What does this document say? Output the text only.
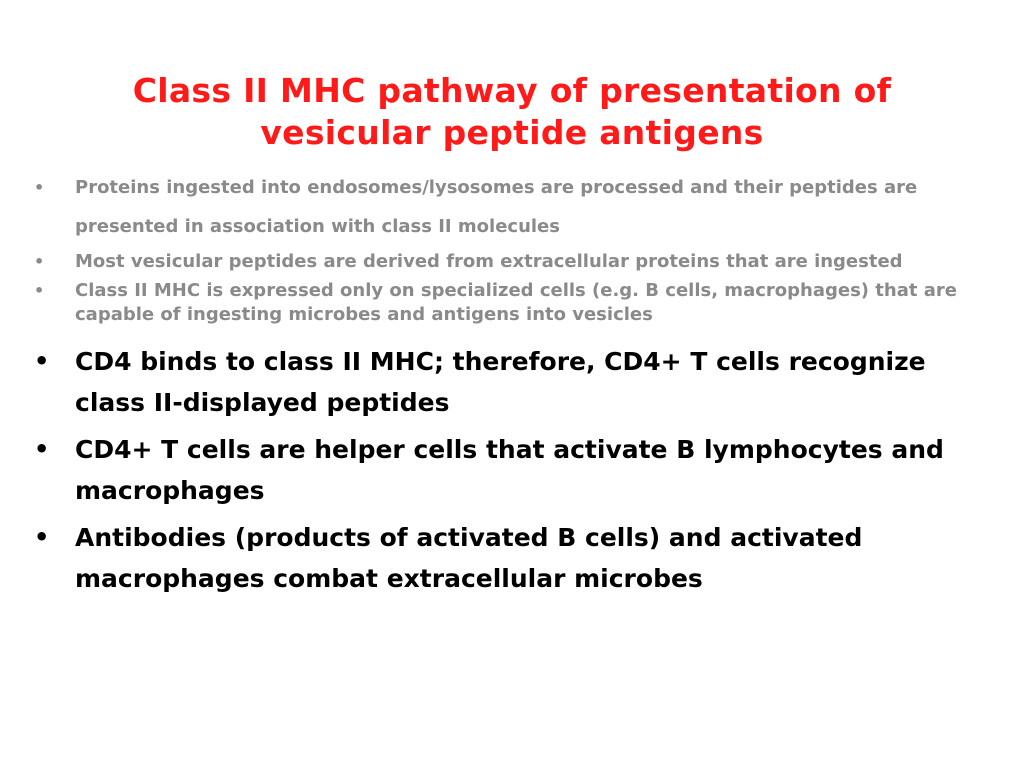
Class II MHC pathway of presentation of vesicular peptide antigens
• Proteins ingested into endosomes/lysosomes are processed and their peptides are presented in association with class II molecules
• Most vesicular peptides are derived from extracellular proteins that are ingested
• Class II MHC is expressed only on specialized cells (e.g. B cells, macrophages) that are capable of ingesting microbes and antigens into vesicles
• CD4 binds to class II MHC; therefore, CD4+ T cells recognize class II-displayed peptides
• CD4+ T cells are helper cells that activate B lymphocytes and macrophages
• Antibodies (products of activated B cells) and activated macrophages combat extracellular microbes
